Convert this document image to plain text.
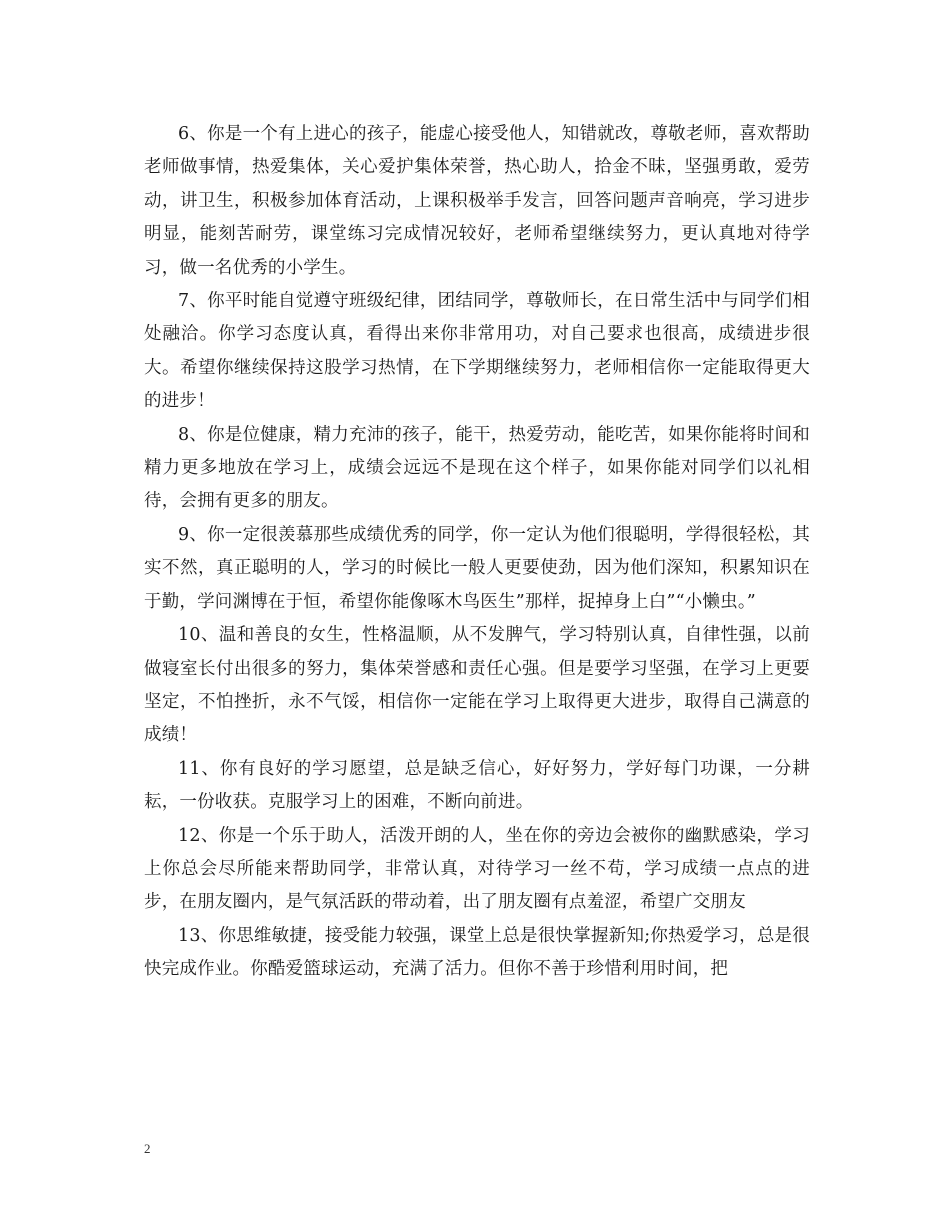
6、你是一个有上进心的孩子，能虚心接受他人，知错就改，尊敬老师，喜欢帮助老师做事情，热爱集体，关心爱护集体荣誉，热心助人，拾金不昧，坚强勇敢，爱劳动，讲卫生，积极参加体育活动，上课积极举手发言，回答问题声音响亮，学习进步明显，能刻苦耐劳，课堂练习完成情况较好，老师希望继续努力，更认真地对待学习，做一名优秀的小学生。

7、你平时能自觉遵守班级纪律，团结同学，尊敬师长，在日常生活中与同学们相处融洽。你学习态度认真，看得出来你非常用功，对自己要求也很高，成绩进步很大。希望你继续保持这股学习热情，在下学期继续努力，老师相信你一定能取得更大的进步！

8、你是位健康，精力充沛的孩子，能干，热爱劳动，能吃苦，如果你能将时间和精力更多地放在学习上，成绩会远远不是现在这个样子，如果你能对同学们以礼相待，会拥有更多的朋友。

9、你一定很羡慕那些成绩优秀的同学，你一定认为他们很聪明，学得很轻松，其实不然，真正聪明的人，学习的时候比一般人更要使劲，因为他们深知，积累知识在于勤，学问渊博在于恒，希望你能像啄木鸟医生”那样，捉掉身上白”“小懒虫。”

10、温和善良的女生，性格温顺，从不发脾气，学习特别认真，自律性强，以前做寝室长付出很多的努力，集体荣誉感和责任心强。但是要学习坚强，在学习上更要坚定，不怕挫折，永不气馁，相信你一定能在学习上取得更大进步，取得自己满意的成绩！

11、你有良好的学习愿望，总是缺乏信心，好好努力，学好每门功课，一分耕耘，一份收获。克服学习上的困难，不断向前进。

12、你是一个乐于助人，活泼开朗的人，坐在你的旁边会被你的幽默感染，学习上你总会尽所能来帮助同学，非常认真，对待学习一丝不苟，学习成绩一点点的进步，在朋友圈内，是气氛活跃的带动着，出了朋友圈有点羞涩，希望广交朋友

13、你思维敏捷，接受能力较强，课堂上总是很快掌握新知;你热爱学习，总是很快完成作业。你酷爱篮球运动，充满了活力。但你不善于珍惜利用时间，把

2
